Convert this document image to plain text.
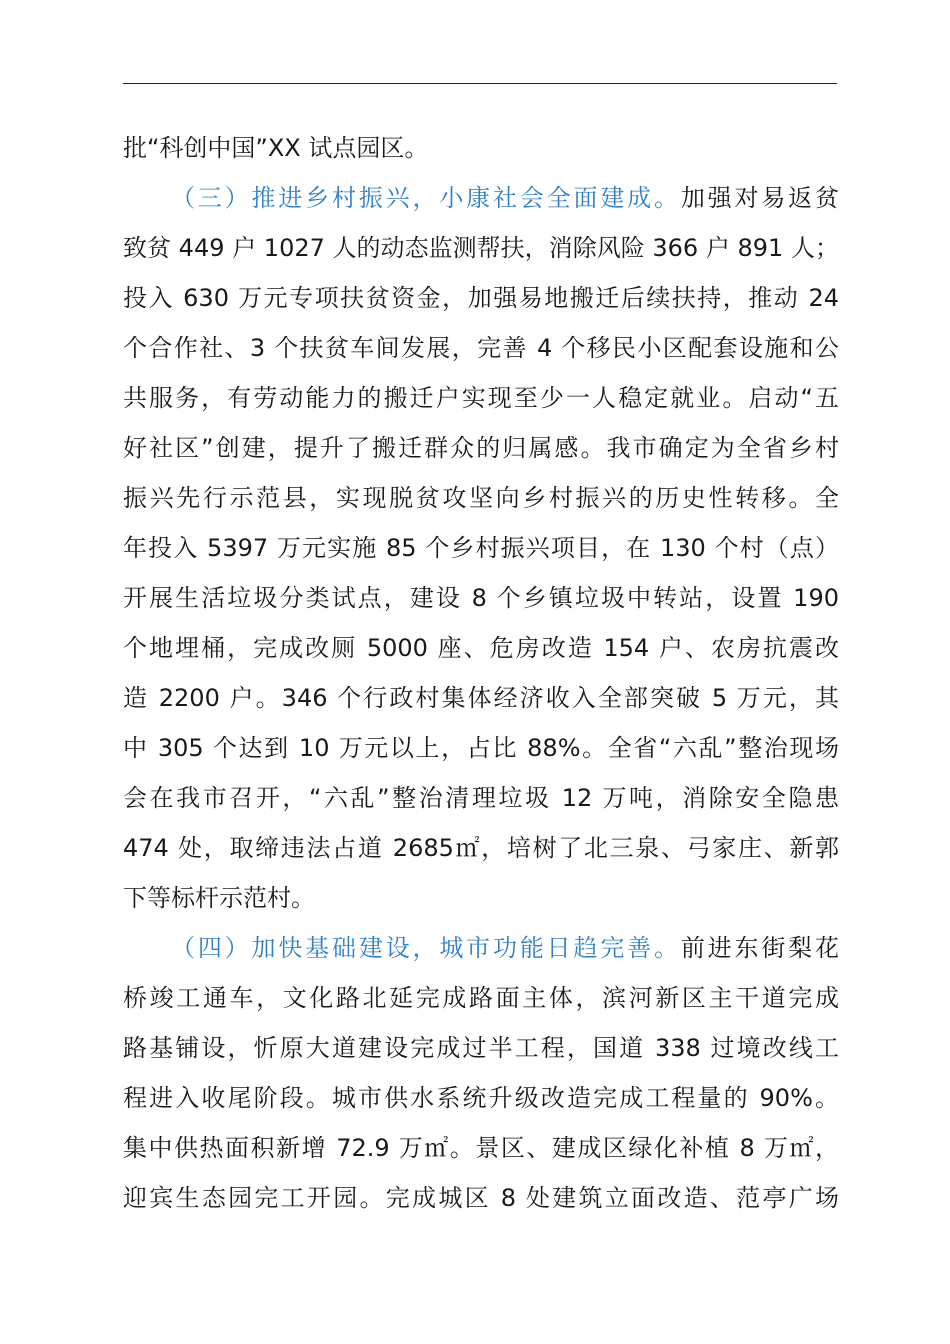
批“科创中国”XX 试点园区。
（三）推进乡村振兴，小康社会全面建成。加强对易返贫
致贫 449 户 1027 人的动态监测帮扶，消除风险 366 户 891 人；
投入 630 万元专项扶贫资金，加强易地搬迁后续扶持，推动 24
个合作社、3 个扶贫车间发展，完善 4 个移民小区配套设施和公
共服务，有劳动能力的搬迁户实现至少一人稳定就业。启动“五
好社区”创建，提升了搬迁群众的归属感。我市确定为全省乡村
振兴先行示范县，实现脱贫攻坚向乡村振兴的历史性转移。全
年投入 5397 万元实施 85 个乡村振兴项目，在 130 个村（点）
开展生活垃圾分类试点，建设 8 个乡镇垃圾中转站，设置 190
个地埋桶，完成改厕 5000 座、危房改造 154 户、农房抗震改
造 2200 户。346 个行政村集体经济收入全部突破 5 万元，其
中 305 个达到 10 万元以上，占比 88%。全省“六乱”整治现场
会在我市召开，“六乱”整治清理垃圾 12 万吨，消除安全隐患
474 处，取缔违法占道 2685㎡，培树了北三泉、弓家庄、新郭
下等标杆示范村。
（四）加快基础建设，城市功能日趋完善。前进东街梨花
桥竣工通车，文化路北延完成路面主体，滨河新区主干道完成
路基铺设，忻原大道建设完成过半工程，国道 338 过境改线工
程进入收尾阶段。城市供水系统升级改造完成工程量的 90%。
集中供热面积新增 72.9 万㎡。景区、建成区绿化补植 8 万㎡，
迎宾生态园完工开园。完成城区 8 处建筑立面改造、范亭广场
